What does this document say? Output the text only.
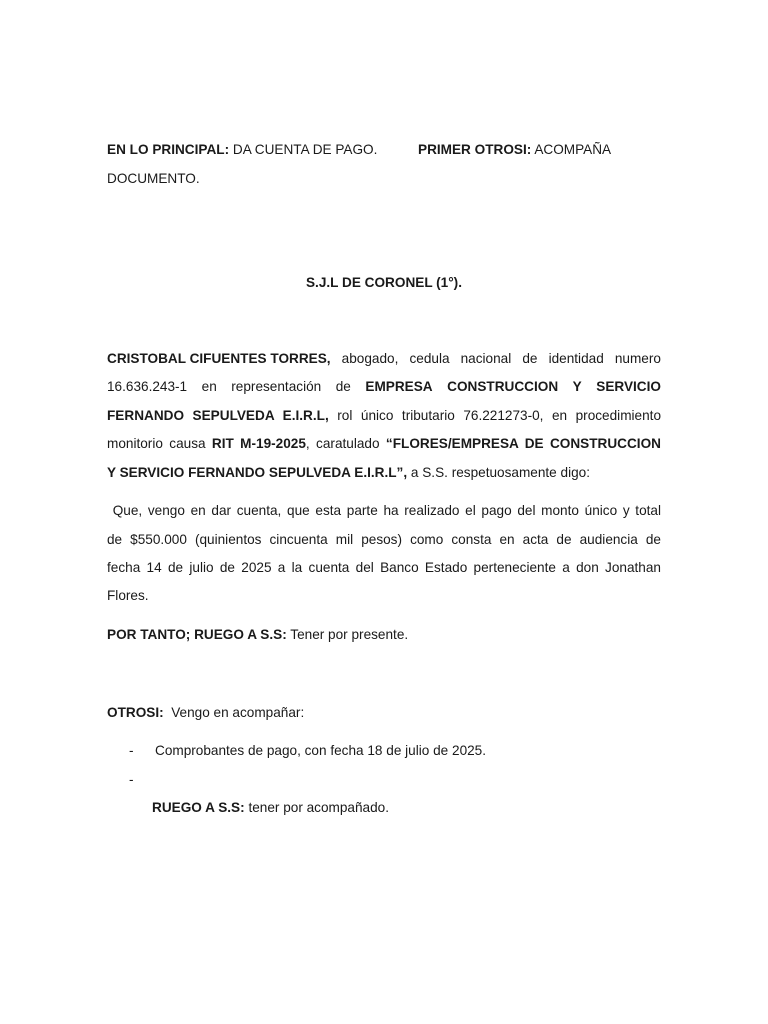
EN LO PRINCIPAL: DA CUENTA DE PAGO.	PRIMER OTROSI: ACOMPAÑA
DOCUMENTO.
S.J.L DE CORONEL (1°).
CRISTOBAL CIFUENTES TORRES, abogado, cedula nacional de identidad numero
16.636.243-1 en representación de EMPRESA CONSTRUCCION Y SERVICIO
FERNANDO SEPULVEDA E.I.R.L, rol único tributario 76.221273-0, en procedimiento
monitorio causa RIT M-19-2025, caratulado “FLORES/EMPRESA DE CONSTRUCCION
Y SERVICIO FERNANDO SEPULVEDA E.I.R.L”, a S.S. respetuosamente digo:
Que, vengo en dar cuenta, que esta parte ha realizado el pago del monto único y total
de $550.000 (quinientos cincuenta mil pesos) como consta en acta de audiencia de
fecha 14 de julio de 2025 a la cuenta del Banco Estado perteneciente a don Jonathan
Flores.
POR TANTO; RUEGO A S.S: Tener por presente.
OTROSI: Vengo en acompañar:
- Comprobantes de pago, con fecha 18 de julio de 2025.
-
RUEGO A S.S: tener por acompañado.
